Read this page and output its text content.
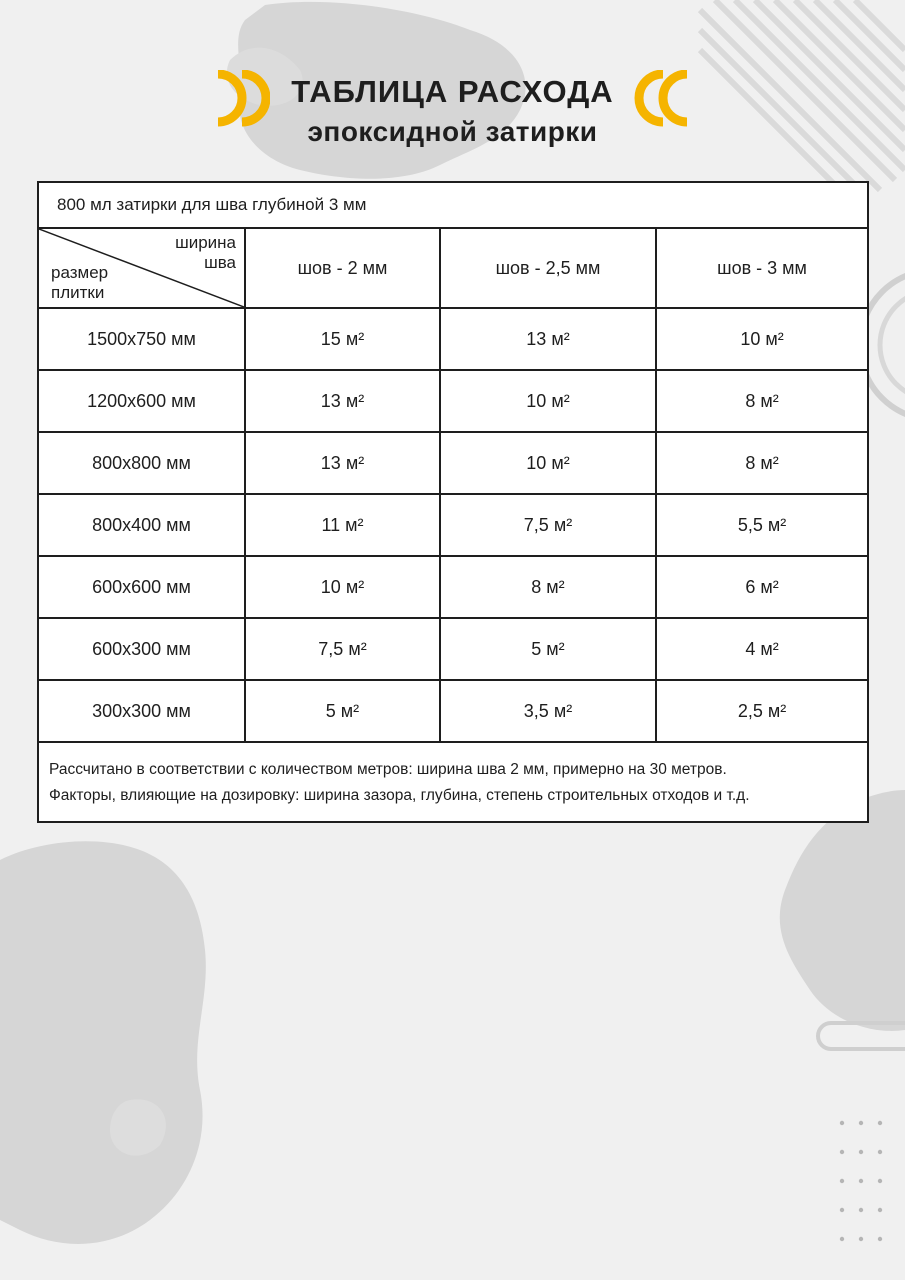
ТАБЛИЦА РАСХОДА
эпоксидной затирки
800 мл затирки для шва глубиной 3 мм			

ширина
шва
размер
плитки	шов - 2 мм	шов - 2,5 мм	шов - 3 мм
1500х750 мм	15 м²	13 м²	10 м²
1200х600 мм	13 м²	10 м²	8 м²
800х800 мм	13 м²	10 м²	8 м²
800х400 мм	11 м²	7,5 м²	5,5 м²
600х600 мм	10 м²	8 м²	6 м²
600х300 мм	7,5 м²	5 м²	4 м²
300х300 мм	5 м²	3,5 м²	2,5 м²

Рассчитано в соответствии с количеством метров: ширина шва 2 мм, примерно на 30 метров.
Факторы, влияющие на дозировку: ширина зазора, глубина, степень строительных отходов и т.д.			
